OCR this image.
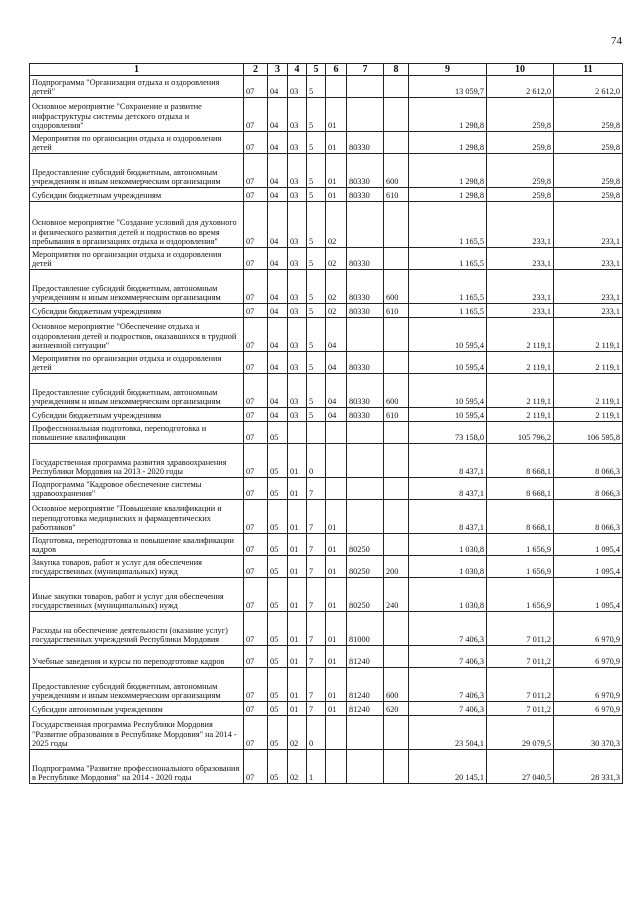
74
1	2	3	4	5	6	7	8	9	10	11
Подпрограмма "Организация отдыха и оздоровления детей"	07	04	03	5				13 059,7	2 612,0	2 612,0
Основное мероприятие "Сохранение и развитие инфраструктуры системы детского отдыха и оздоровления"	07	04	03	5	01			1 298,8	259,8	259,8
Мероприятия по организации отдыха и оздоровления детей	07	04	03	5	01	80330		1 298,8	259,8	259,8
Предоставление субсидий бюджетным, автономным учреждениям и иным некоммерческим организациям	07	04	03	5	01	80330	600	1 298,8	259,8	259,8
Субсидии бюджетным учреждениям	07	04	03	5	01	80330	610	1 298,8	259,8	259,8
Основное мероприятие "Создание условий для духовного и физического развития детей и подростков во время пребывания в организациях отдыха и оздоровления"	07	04	03	5	02			1 165,5	233,1	233,1
Мероприятия по организации отдыха и оздоровления детей	07	04	03	5	02	80330		1 165,5	233,1	233,1
Предоставление субсидий бюджетным, автономным учреждениям и иным некоммерческим организациям	07	04	03	5	02	80330	600	1 165,5	233,1	233,1
Субсидии бюджетным учреждениям	07	04	03	5	02	80330	610	1 165,5	233,1	233,1
Основное мероприятие "Обеспечение отдыха и оздоровления детей и подростков, оказавшихся в трудной жизненной ситуации"	07	04	03	5	04			10 595,4	2 119,1	2 119,1
Мероприятия по организации отдыха и оздоровления детей	07	04	03	5	04	80330		10 595,4	2 119,1	2 119,1
Предоставление субсидий бюджетным, автономным учреждениям и иным некоммерческим организациям	07	04	03	5	04	80330	600	10 595,4	2 119,1	2 119,1
Субсидии бюджетным учреждениям	07	04	03	5	04	80330	610	10 595,4	2 119,1	2 119,1
Профессиональная подготовка, переподготовка и повышение квалификации	07	05						73 158,0	105 796,2	106 595,8
Государственная программа развития здравоохранения Республики Мордовия на 2013 - 2020 годы	07	05	01	0				8 437,1	8 668,1	8 066,3
Подпрограмма "Кадровое обеспечение системы здравоохранения"	07	05	01	7				8 437,1	8 668,1	8 066,3
Основное мероприятие "Повышение квалификации и переподготовка медицинских и фармацевтических работников"	07	05	01	7	01			8 437,1	8 668,1	8 066,3
Подготовка, переподготовка и повышение квалификации кадров	07	05	01	7	01	80250		1 030,8	1 656,9	1 095,4
Закупка товаров, работ и услуг для обеспечения государственных (муниципальных) нужд	07	05	01	7	01	80250	200	1 030,8	1 656,9	1 095,4
Иные закупки товаров, работ и услуг для обеспечения государственных (муниципальных) нужд	07	05	01	7	01	80250	240	1 030,8	1 656,9	1 095,4
Расходы на обеспечение деятельности (оказание услуг) государственных учреждений Республики Мордовия	07	05	01	7	01	81000		7 406,3	7 011,2	6 970,9
Учебные заведения и курсы по переподготовке кадров	07	05	01	7	01	81240		7 406,3	7 011,2	6 970,9
Предоставление субсидий бюджетным, автономным учреждениям и иным некоммерческим организациям	07	05	01	7	01	81240	600	7 406,3	7 011,2	6 970,9
Субсидии автономным учреждениям	07	05	01	7	01	81240	620	7 406,3	7 011,2	6 970,9
Государственная программа Республики Мордовия "Развитие образования в Республике Мордовия" на 2014 - 2025 годы	07	05	02	0				23 504,1	29 079,5	30 370,3
Подпрограмма "Развитие профессионального образования в Республике Мордовия" на 2014 - 2020 годы	07	05	02	1				20 145,1	27 040,5	28 331,3
